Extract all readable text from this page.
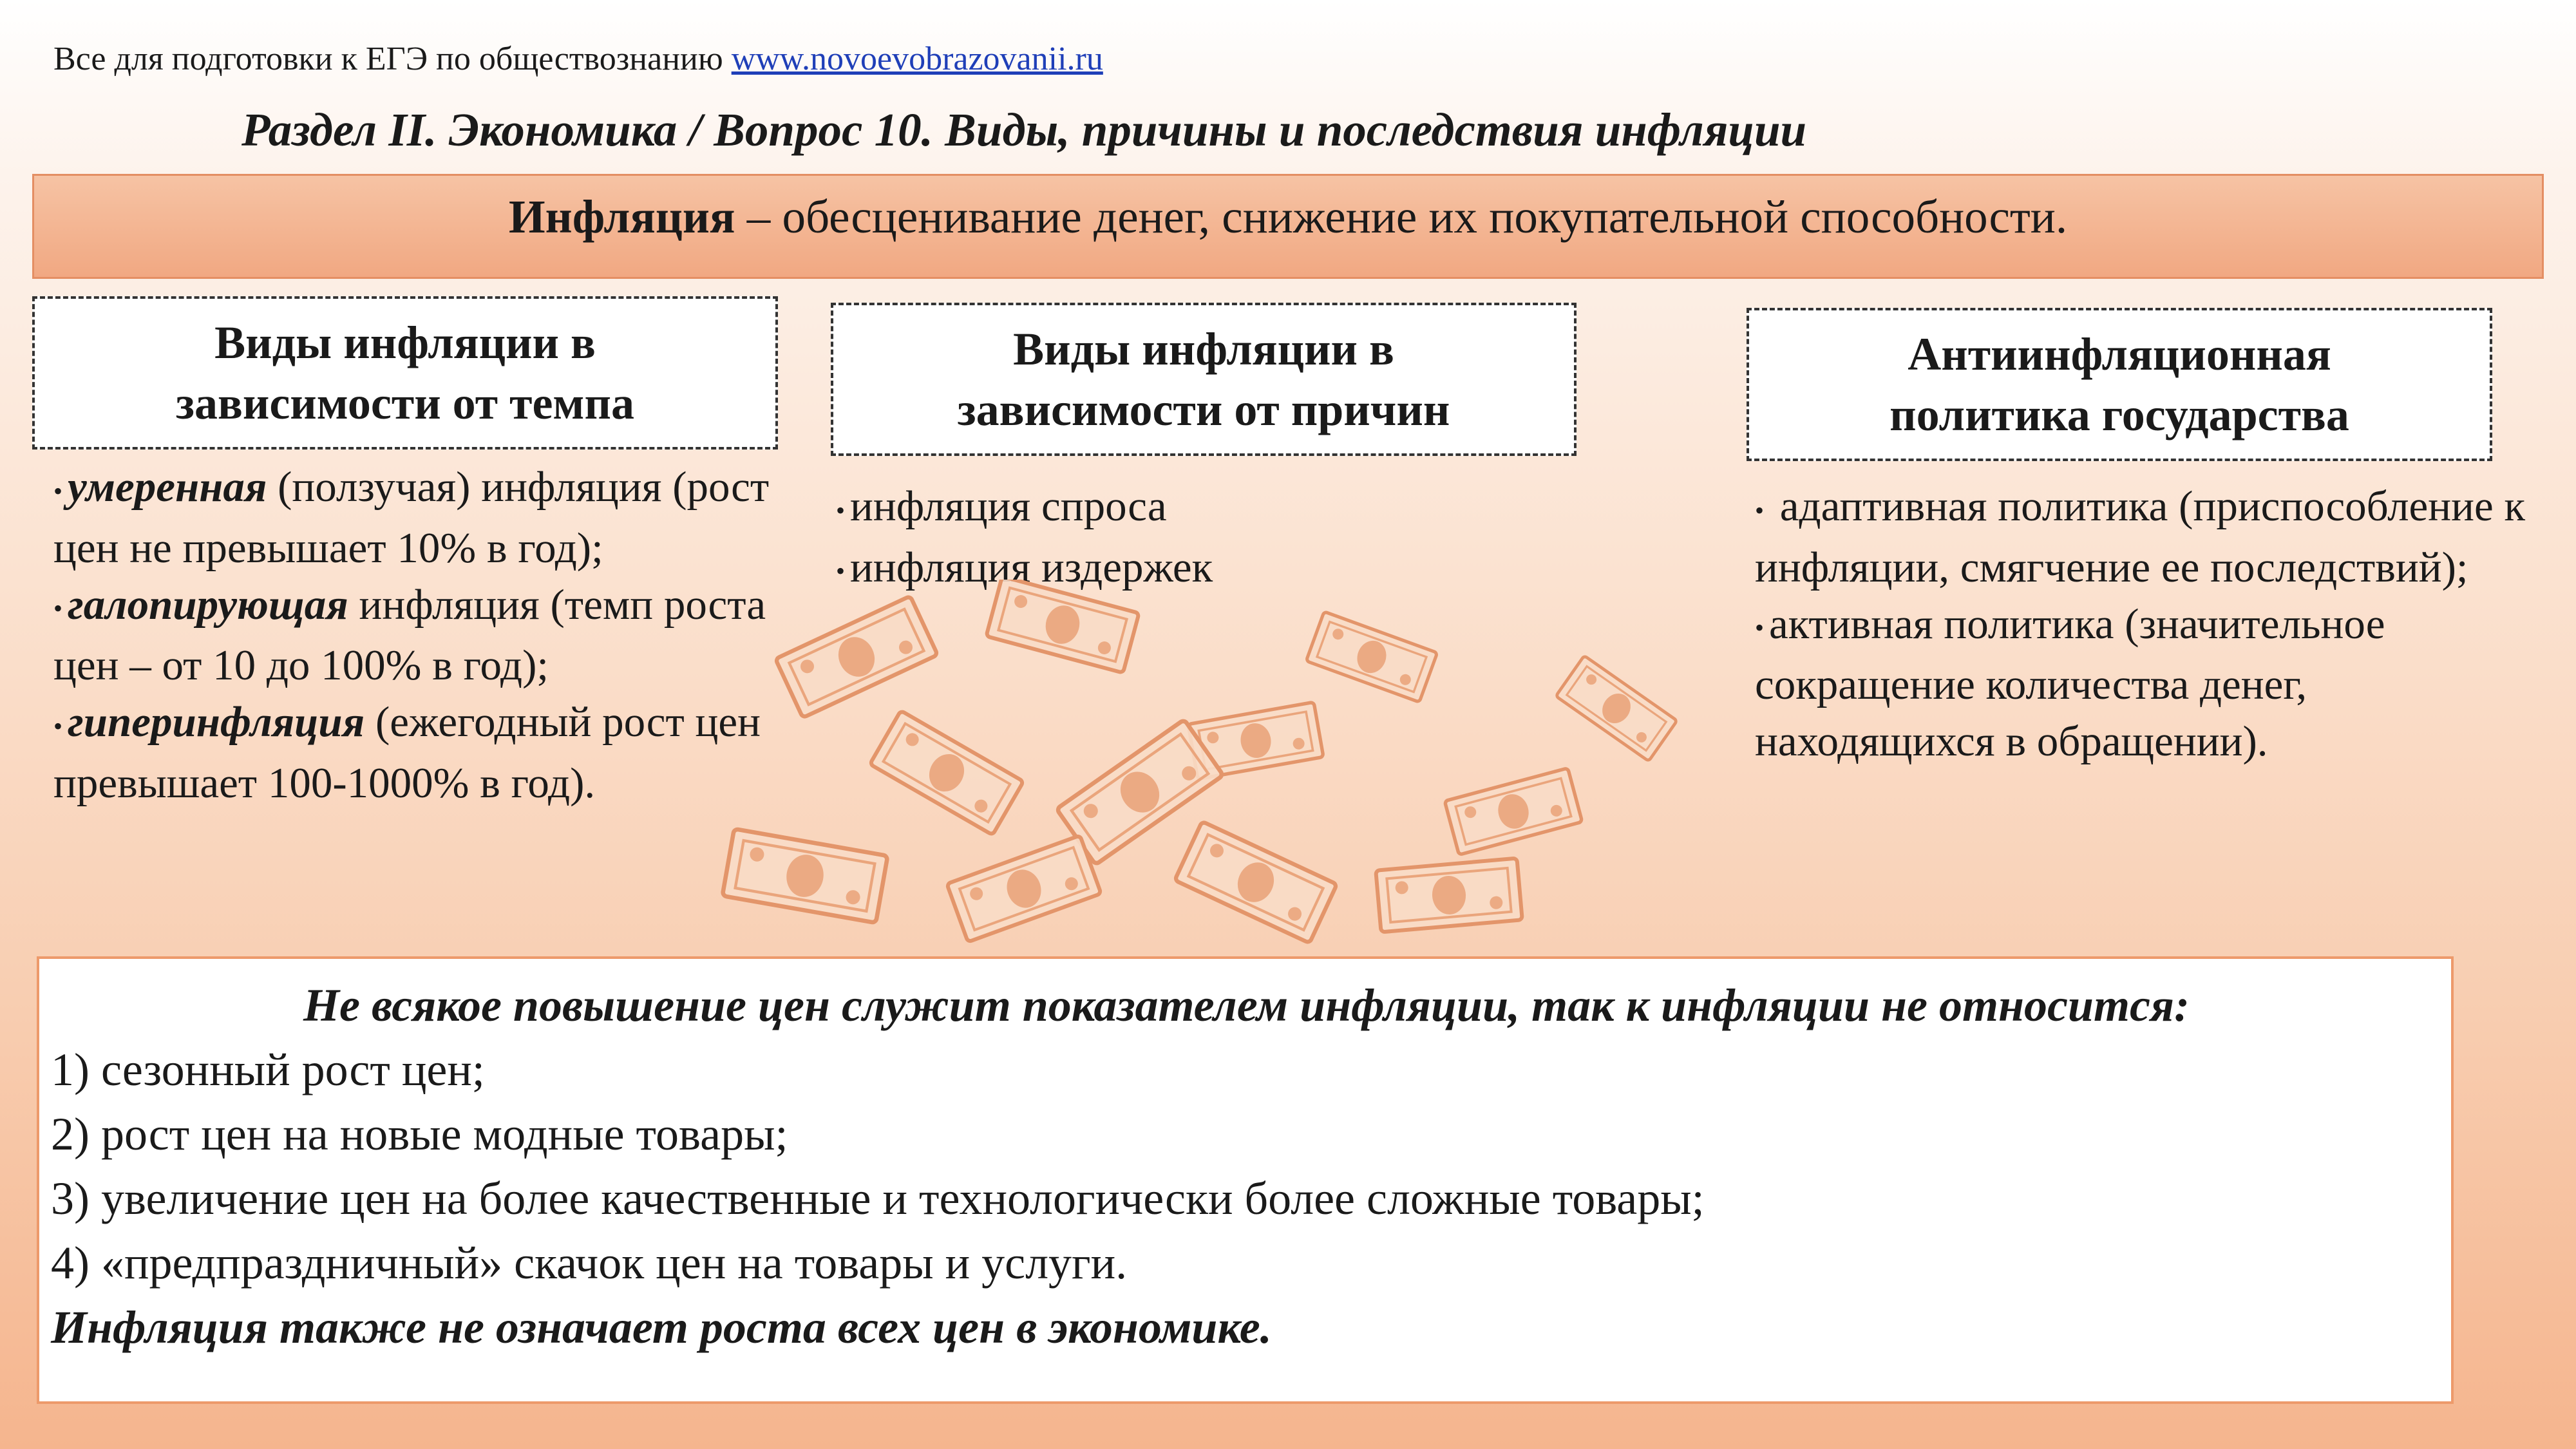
Все для подготовки к ЕГЭ по обществознанию www.novoevobrazovanii.ru
Раздел II. Экономика / Вопрос 10. Виды, причины и последствия инфляции
Инфляция – обесценивание денег, снижение их покупательной способности.
Виды инфляции в
зависимости от темпа
Виды инфляции в
зависимости от причин
Антиинфляционная
политика государства
• умеренная (ползучая) инфляция (рост цен не превышает 10% в год);
• галопирующая инфляция (темп роста цен – от 10 до 100% в год);
• гиперинфляция (ежегодный рост цен превышает 100-1000% в год).
• инфляция спроса
• инфляция издержек
• адаптивная политика (приспособление к инфляции, смягчение ее последствий);
• активная политика (значительное сокращение количества денег, находящихся в обращении).
Не всякое повышение цен служит показателем инфляции, так к инфляции не относится:
1) сезонный рост цен;
2) рост цен на новые модные товары;
3) увеличение цен на более качественные и технологически более сложные товары;
4) «предпраздничный» скачок цен на товары и услуги.
Инфляция также не означает роста всех цен в экономике.
